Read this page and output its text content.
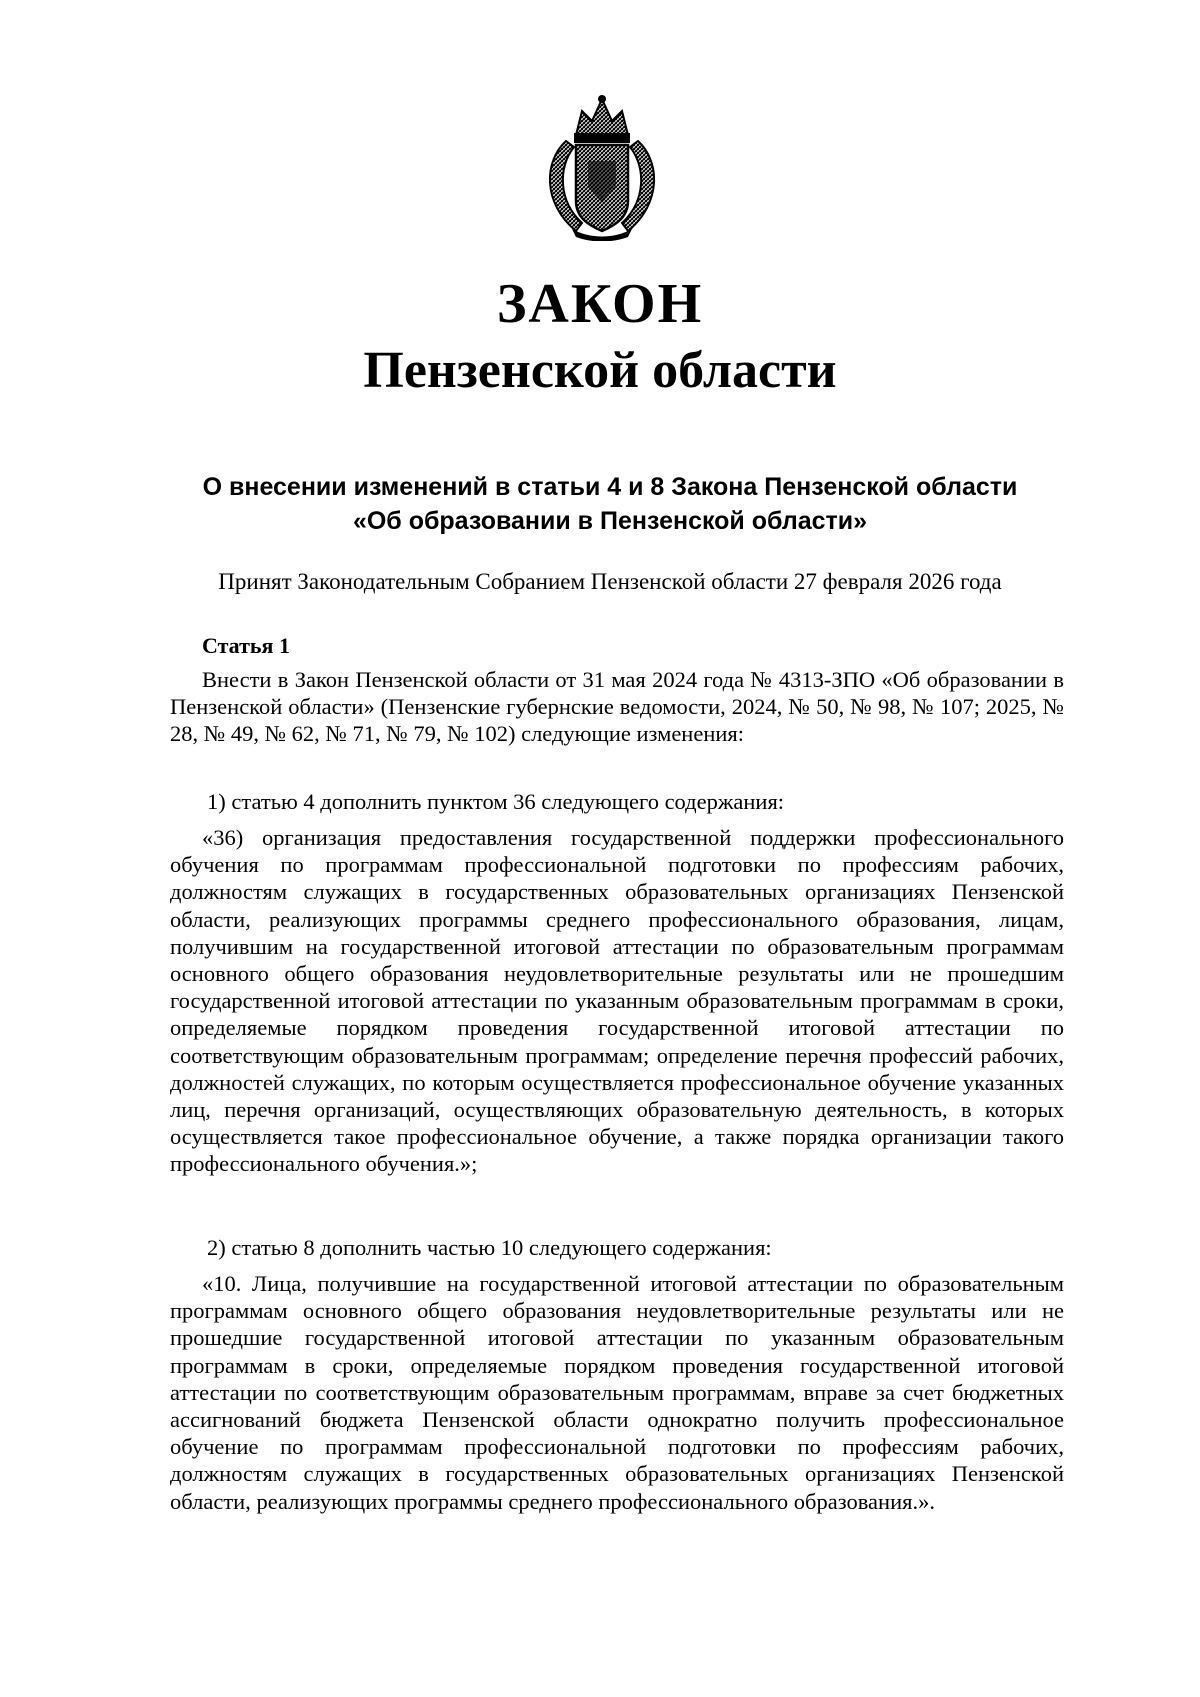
ЗАКОН
Пензенской области
О внесении изменений в статьи 4 и 8 Закона Пензенской области «Об образовании в Пензенской области»
Принят Законодательным Собранием Пензенской области 27 февраля 2026 года
Статья 1

Внести в Закон Пензенской области от 31 мая 2024 года № 4313-ЗПО «Об образовании в Пензенской области» (Пензенские губернские ведомости, 2024, № 50, № 98, № 107; 2025, № 28, № 49, № 62, № 71, № 79, № 102) следующие изменения:

1) статью 4 дополнить пунктом 36 следующего содержания:

«36) организация предоставления государственной поддержки профессионального обучения по программам профессиональной подготовки по профессиям рабочих, должностям служащих в государственных образовательных организациях Пензенской области, реализующих программы среднего профессионального образования, лицам, получившим на государственной итоговой аттестации по образовательным программам основного общего образования неудовлетворительные результаты или не прошедшим государственной итоговой аттестации по указанным образовательным программам в сроки, определяемые порядком проведения государственной итоговой аттестации по соответствующим образовательным программам; определение перечня профессий рабочих, должностей служащих, по которым осуществляется профессиональное обучение указанных лиц, перечня организаций, осуществляющих образовательную деятельность, в которых осуществляется такое профессиональное обучение, а также порядка организации такого профессионального обучения.»;

2) статью 8 дополнить частью 10 следующего содержания:

«10. Лица, получившие на государственной итоговой аттестации по образовательным программам основного общего образования неудовлетворительные результаты или не прошедшие государственной итоговой аттестации по указанным образовательным программам в сроки, определяемые порядком проведения государственной итоговой аттестации по соответствующим образовательным программам, вправе за счет бюджетных ассигнований бюджета Пензенской области однократно получить профессиональное обучение по программам профессиональной подготовки по профессиям рабочих, должностям служащих в государственных образовательных организациях Пензенской области, реализующих программы среднего профессионального образования.».
